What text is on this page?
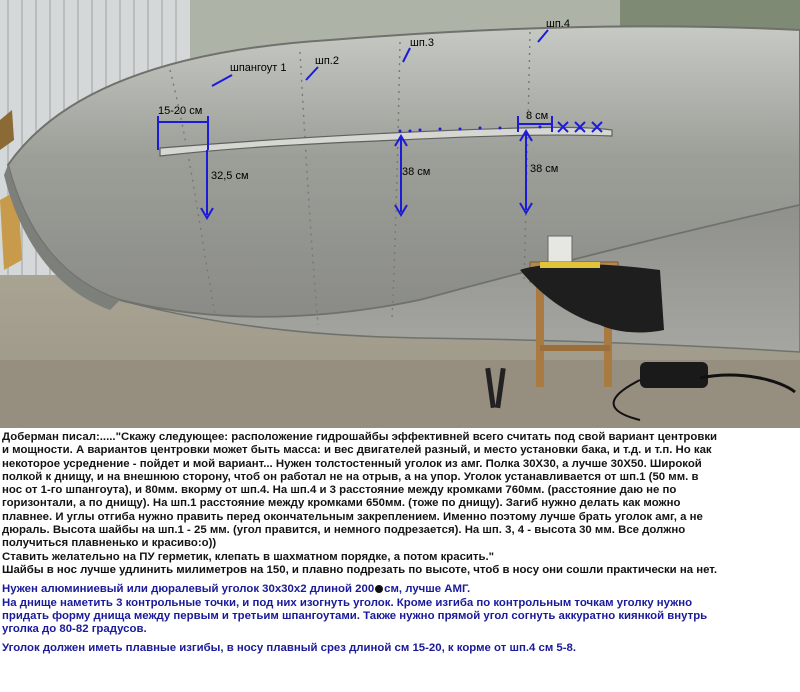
шпангоут 1
шп.2
шп.3
шп.4
15-20 см	8 см
32,5 см	38 см	38 см

Доберман писал:....."Скажу следующее: расположение гидрошайбы эффективней всего считать под свой вариант центровки

и мощности. А вариантов центровки может быть масса: и вес двигателей разный, и место установки бака, и т.д. и т.п. Но как

некоторое усреднение - пойдет и мой вариант... Нужен толстостенный уголок из амг. Полка 30Х30, а лучше 30Х50. Широкой

полкой к днищу, и на внешнюю сторону, чтоб он работал не на отрыв, а на упор. Уголок устанавливается от шп.1 (50 мм. в

нос от 1-го шпангоута), и 80мм. вкорму от шп.4. На шп.4 и 3 расстояние между кромками 760мм. (расстояние даю не по

горизонтали, а по днищу). На шп.1 расстояние между кромками 650мм. (тоже по днищу). Загиб нужно делать как можно

плавнее. И углы отгиба нужно править перед окончательным закреплением. Именно поэтому лучше брать уголок амг, а не

дюраль. Высота шайбы на шп.1 - 25 мм. (угол правится, и немного подрезается). На шп. 3, 4 - высота 30 мм. Все должно

получиться плавненько и красиво:о))

Ставить желательно на ПУ герметик, клепать в шахматном порядке, а потом красить."

Шайбы в нос лучше удлинить милиметров на 150, и плавно подрезать по высоте, чтоб в носу они сошли практически на нет.

Нужен алюминиевый или дюралевый уголок 30х30х2 длиной 200 см, лучше АМГ.

На днище наметить 3 контрольные точки, и под них изогнуть уголок. Кроме изгиба по контрольным точкам уголку нужно

придать форму днища между первым и третьим шпангоутами. Также нужно прямой угол согнуть аккуратно киянкой внутрь

уголка до 80-82 градусов.

Уголок должен иметь плавные изгибы, в носу плавный срез длиной см 15-20, к корме от шп.4 см 5-8.
